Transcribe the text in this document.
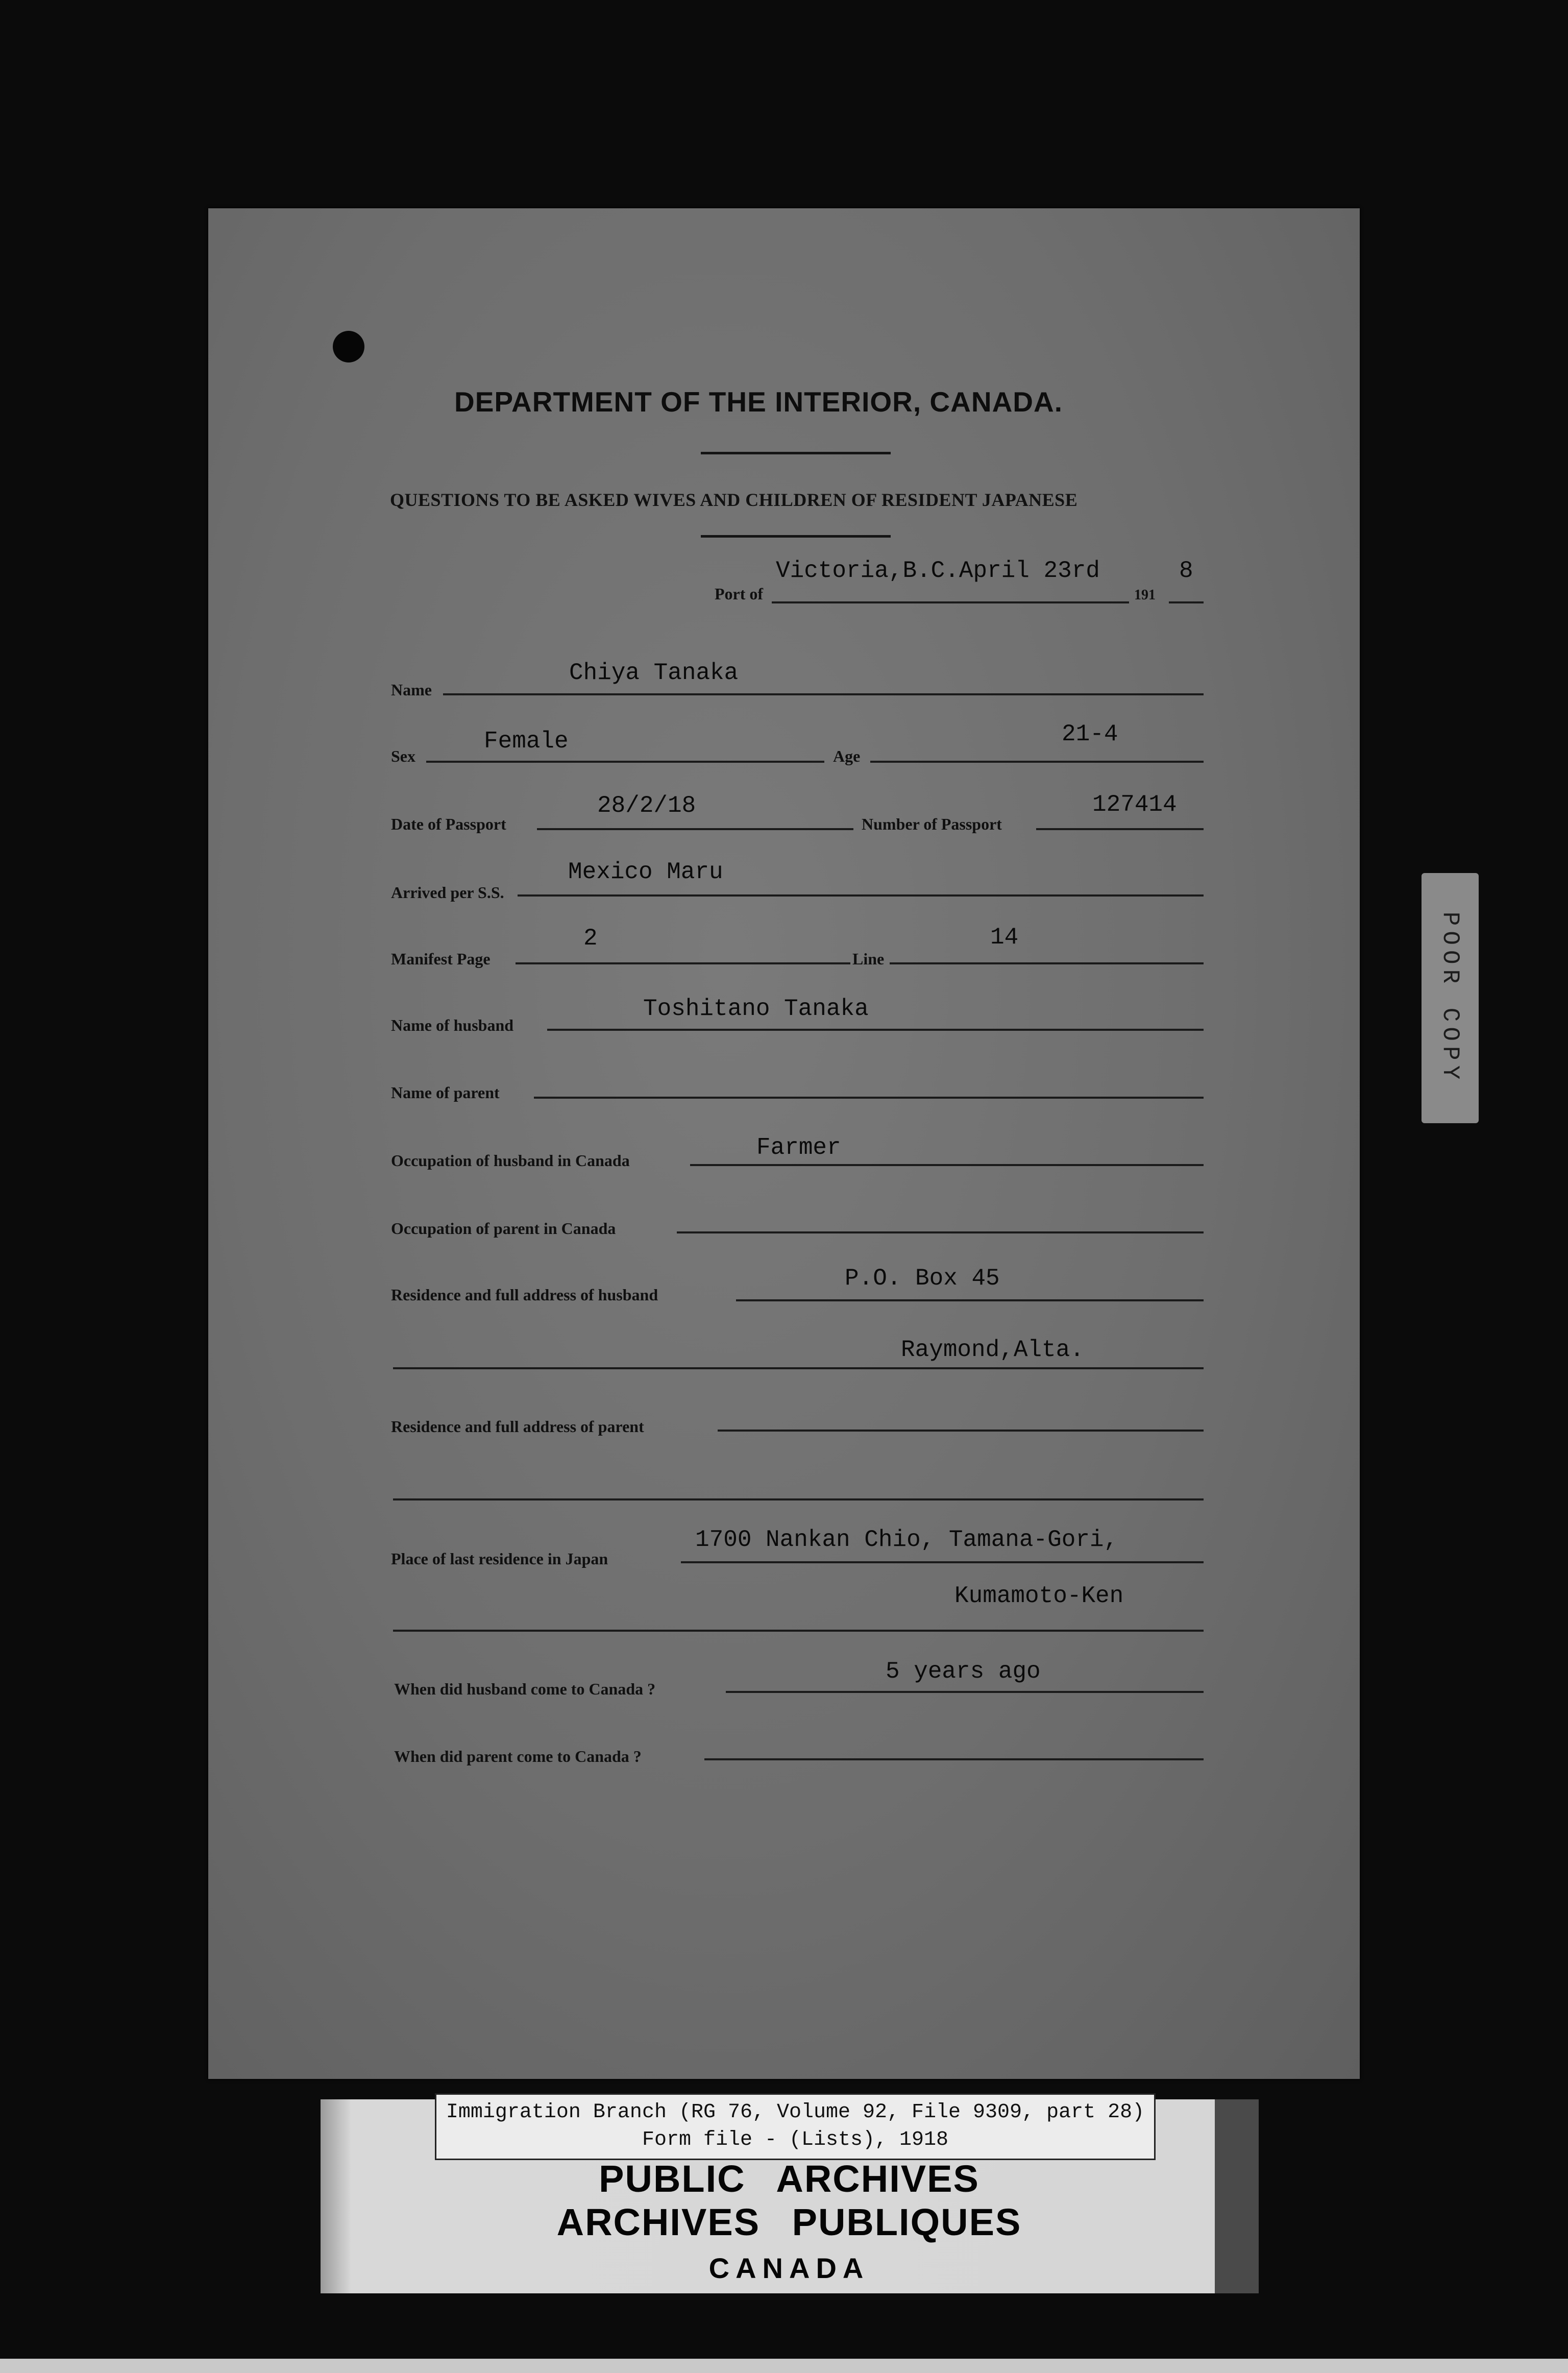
DEPARTMENT OF THE INTERIOR, CANADA.
QUESTIONS TO BE ASKED WIVES AND CHILDREN OF RESIDENT JAPANESE
Port of
Victoria,B.C.April 23rd
191
8
Name
Chiya Tanaka
Sex
Female
Age
21-4
Date of Passport
28/2/18
Number of Passport
127414
Arrived per S.S.
Mexico Maru
Manifest Page
2
Line
14
Name of husband
Toshitano Tanaka
Name of parent
Occupation of husband in Canada	Farmer
Occupation of parent in Canada
Residence and full address of husband
P.O. Box 45
Raymond,Alta.
Residence and full address of parent
Place of last residence in Japan
1700 Nankan Chio, Tamana-Gori,
Kumamoto-Ken
When did husband come to Canada ?
5 years ago
When did parent come to Canada ?
POOR COPY
Immigration Branch (RG 76, Volume 92, File 9309, part 28)
Form file - (Lists), 1918
PUBLIC ARCHIVES
ARCHIVES PUBLIQUES
CANADA
